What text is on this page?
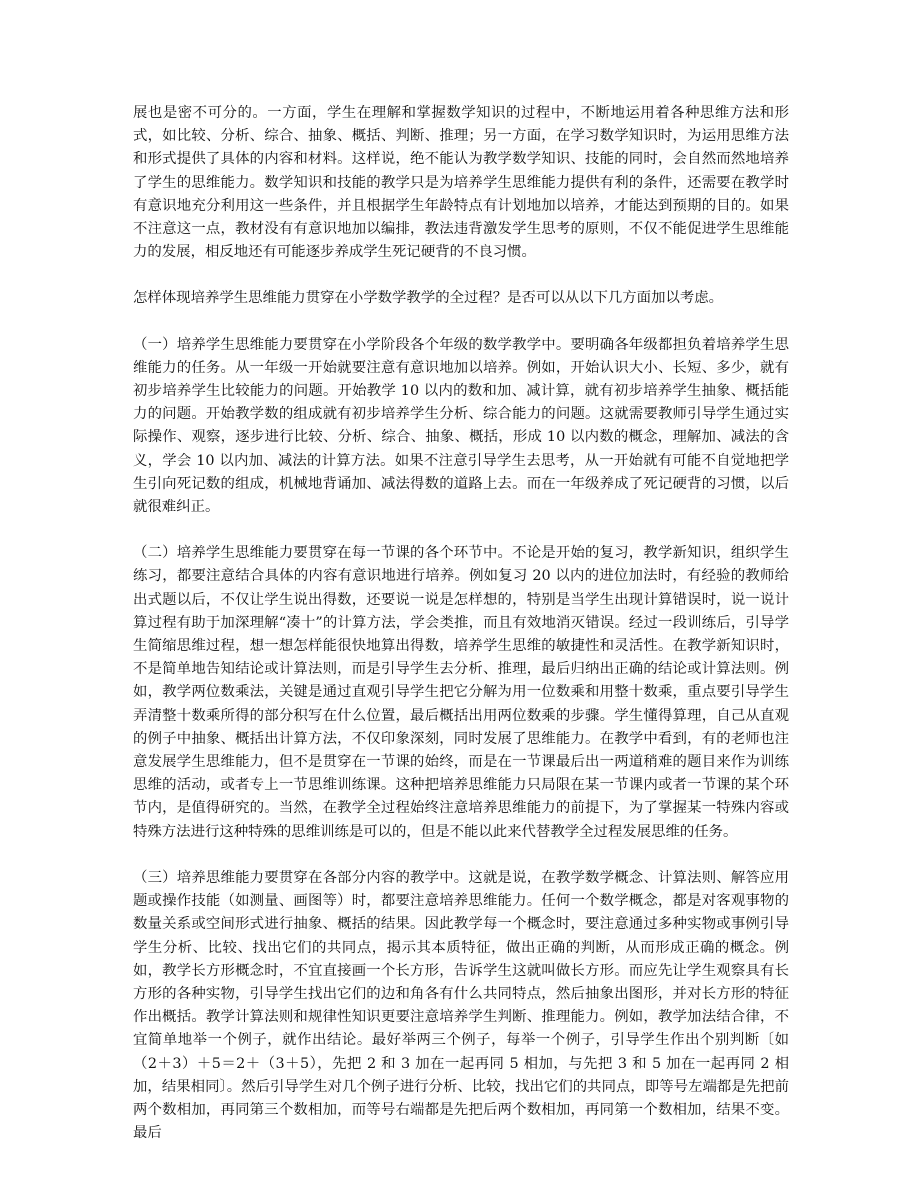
展也是密不可分的。一方面，学生在理解和掌握数学知识的过程中，不断地运用着各种思维方法和形式，如比较、分析、综合、抽象、概括、判断、推理；另一方面，在学习数学知识时，为运用思维方法和形式提供了具体的内容和材料。这样说，绝不能认为教学数学知识、技能的同时，会自然而然地培养了学生的思维能力。数学知识和技能的教学只是为培养学生思维能力提供有利的条件，还需要在教学时有意识地充分利用这一些条件，并且根据学生年龄特点有计划地加以培养，才能达到预期的目的。如果不注意这一点，教材没有有意识地加以编排，教法违背激发学生思考的原则，不仅不能促进学生思维能力的发展，相反地还有可能逐步养成学生死记硬背的不良习惯。

怎样体现培养学生思维能力贯穿在小学数学教学的全过程？是否可以从以下几方面加以考虑。

（一）培养学生思维能力要贯穿在小学阶段各个年级的数学教学中。要明确各年级都担负着培养学生思维能力的任务。从一年级一开始就要注意有意识地加以培养。例如，开始认识大小、长短、多少，就有初步培养学生比较能力的问题。开始教学 10 以内的数和加、减计算，就有初步培养学生抽象、概括能力的问题。开始教学数的组成就有初步培养学生分析、综合能力的问题。这就需要教师引导学生通过实际操作、观察，逐步进行比较、分析、综合、抽象、概括，形成 10 以内数的概念，理解加、减法的含义，学会 10 以内加、减法的计算方法。如果不注意引导学生去思考，从一开始就有可能不自觉地把学生引向死记数的组成，机械地背诵加、减法得数的道路上去。而在一年级养成了死记硬背的习惯，以后就很难纠正。

（二）培养学生思维能力要贯穿在每一节课的各个环节中。不论是开始的复习，教学新知识，组织学生练习，都要注意结合具体的内容有意识地进行培养。例如复习 20 以内的进位加法时，有经验的教师给出式题以后，不仅让学生说出得数，还要说一说是怎样想的，特别是当学生出现计算错误时，说一说计算过程有助于加深理解“凑十”的计算方法，学会类推，而且有效地消灭错误。经过一段训练后，引导学生简缩思维过程，想一想怎样能很快地算出得数，培养学生思维的敏捷性和灵活性。在教学新知识时，不是简单地告知结论或计算法则，而是引导学生去分析、推理，最后归纳出正确的结论或计算法则。例如，教学两位数乘法，关键是通过直观引导学生把它分解为用一位数乘和用整十数乘，重点要引导学生弄清整十数乘所得的部分积写在什么位置，最后概括出用两位数乘的步骤。学生懂得算理，自己从直观的例子中抽象、概括出计算方法，不仅印象深刻，同时发展了思维能力。在教学中看到，有的老师也注意发展学生思维能力，但不是贯穿在一节课的始终，而是在一节课最后出一两道稍难的题目来作为训练思维的活动，或者专上一节思维训练课。这种把培养思维能力只局限在某一节课内或者一节课的某个环节内，是值得研究的。当然，在教学全过程始终注意培养思维能力的前提下，为了掌握某一特殊内容或特殊方法进行这种特殊的思维训练是可以的，但是不能以此来代替教学全过程发展思维的任务。

（三）培养思维能力要贯穿在各部分内容的教学中。这就是说，在教学数学概念、计算法则、解答应用题或操作技能（如测量、画图等）时，都要注意培养思维能力。任何一个数学概念，都是对客观事物的数量关系或空间形式进行抽象、概括的结果。因此教学每一个概念时，要注意通过多种实物或事例引导学生分析、比较、找出它们的共同点，揭示其本质特征，做出正确的判断，从而形成正确的概念。例如，教学长方形概念时，不宜直接画一个长方形，告诉学生这就叫做长方形。而应先让学生观察具有长方形的各种实物，引导学生找出它们的边和角各有什么共同特点，然后抽象出图形，并对长方形的特征作出概括。教学计算法则和规律性知识更要注意培养学生判断、推理能力。例如，教学加法结合律，不宜简单地举一个例子，就作出结论。最好举两三个例子，每举一个例子，引导学生作出个别判断〔如（2＋3）＋5＝2＋（3＋5），先把 2 和 3 加在一起再同 5 相加，与先把 3 和 5 加在一起再同 2 相加，结果相同〕。然后引导学生对几个例子进行分析、比较，找出它们的共同点，即等号左端都是先把前两个数相加，再同第三个数相加，而等号右端都是先把后两个数相加，再同第一个数相加，结果不变。最后
